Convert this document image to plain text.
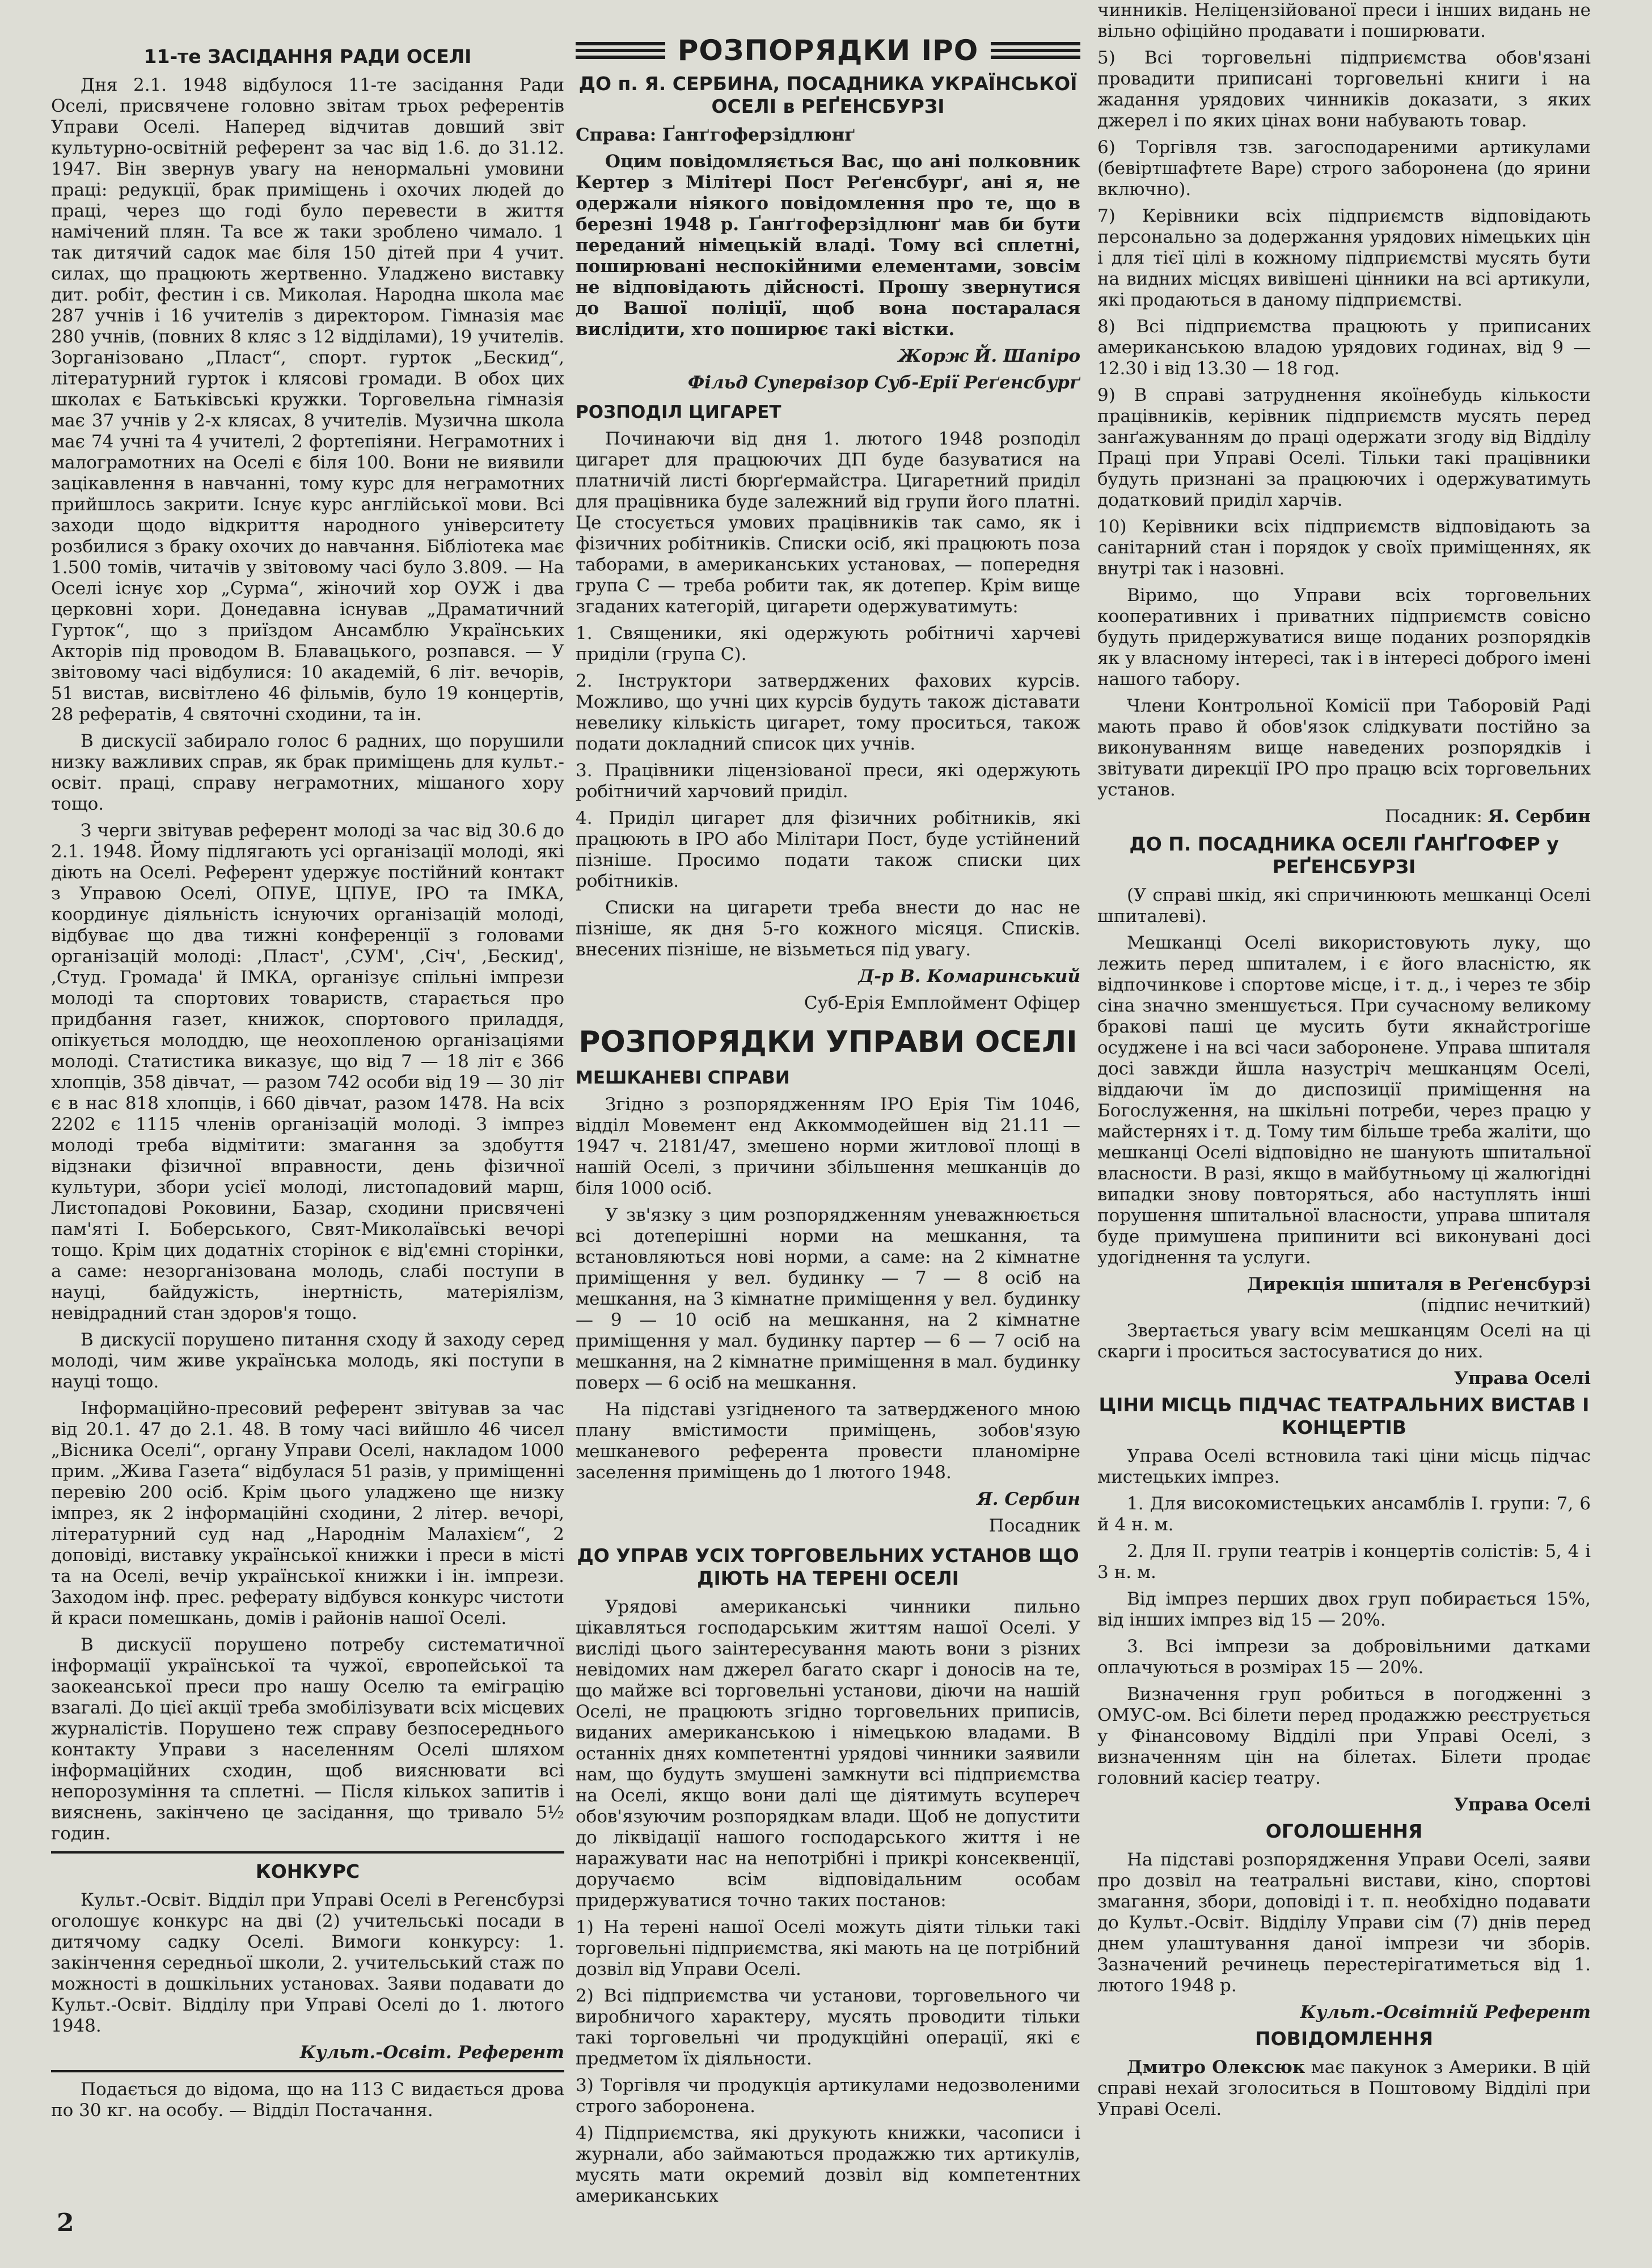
11-те ЗАСІДАННЯ РАДИ ОСЕЛІ

Дня 2.1. 1948 відбулося 11-те засідання Ради Оселі, присвячене головно звітам трьох референтів Управи Оселі. Наперед відчитав довший звіт культурно-освітній референт за час від 1.6. до 31.12. 1947. Він звернув увагу на ненормальні умовини праці: редукції, брак приміщень і охочих людей до праці, через що годі було перевести в життя намічений плян. Та все ж таки зроблено чимало. 1 так дитячий садок має біля 150 дітей при 4 учит. силах, що працюють жертвенно. Уладжено виставку дит. робіт, фестин і св. Миколая. Народна школа має 287 учнів і 16 учителів з директором. Гімназія має 280 учнів, (повних 8 кляс з 12 відділами), 19 учителів. Зорганізовано „Пласт“, спорт. гурток „Бескид“, літературний гурток і клясові громади. В обох цих школах є Батьківські кружки. Торговельна гімназія має 37 учнів у 2-х клясах, 8 учителів. Музична школа має 74 учні та 4 учителі, 2 фортепіяни. Неграмотних і малограмотних на Оселі є біля 100. Вони не виявили зацікавлення в навчанні, тому курс для неграмотних прийшлось закрити. Існує курс англійської мови. Всі заходи щодо відкриття народного університету розбилися з браку охочих до навчання. Бібліотека має 1.500 томів, читачів у звітовому часі було 3.809. — На Оселі існує хор „Сурма“, жіночий хор ОУЖ і два церковні хори. Донедавна існував „Драматичний Гурток“, що з приїздом Ансамблю Українських Акторів під проводом В. Блавацького, розпався. — У звітовому часі відбулися: 10 академій, 6 літ. вечорів, 51 вистав, висвітлено 46 фільмів, було 19 концертів, 28 рефератів, 4 святочні сходини, та ін.

В дискусії забирало голос 6 радних, що порушили низку важливих справ, як брак приміщень для культ.-освіт. праці, справу неграмотних, мішаного хору тощо.

З черги звітував референт молоді за час від 30.6 до 2.1. 1948. Йому підлягають усі організації молоді, які діють на Оселі. Референт удержує постійний контакт з Управою Оселі, ОПУЕ, ЦПУЕ, ІРО та ІМКА, координує діяльність існуючих організацій молоді, відбуває що два тижні конференції з головами організацій молоді: ,Пласт', ,СУМ', ,Січ', ,Бескид', ,Студ. Громада' й ІМКА, організує спільні імпрези молоді та спортових товариств, старається про придбання газет, книжок, спортового приладдя, опікується молоддю, ще неохопленою організаціями молоді. Статистика виказує, що від 7 — 18 літ є 366 хлопців, 358 дівчат, — разом 742 особи від 19 — 30 літ є в нас 818 хлопців, і 660 дівчат, разом 1478. На всіх 2202 є 1115 членів організацій молоді. З імпрез молоді треба відмітити: змагання за здобуття відзнаки фізичної вправности, день фізичної культури, збори усієї молоді, листопадовий марш, Листопадові Роковини, Базар, сходини присвячені пам'яті І. Боберського, Свят-Миколаївські вечорі тощо. Крім цих додатніх сторінок є від'ємні сторінки, а саме: незорганізована молодь, слабі поступи в науці, байдужість, інертність, матеріялізм, невідрадний стан здоров'я тощо.

В дискусії порушено питання сходу й заходу серед молоді, чим живе українська молодь, які поступи в науці тощо.

Інформаційно-пресовий референт звітував за час від 20.1. 47 до 2.1. 48. В тому часі вийшло 46 чисел „Вісника Оселі“, органу Управи Оселі, накладом 1000 прим. „Жива Газета“ відбулася 51 разів, у приміщенні перевію 200 осіб. Крім цього уладжено ще низку імпрез, як 2 інформаційні сходини, 2 літер. вечорі, літературний суд над „Народнім Малахієм“, 2 доповіді, виставку української книжки і преси в місті та на Оселі, вечір української книжки і ін. імпрези. Заходом інф. прес. реферату відбувся конкурс чистоти й краси помешкань, домів і районів нашої Оселі.

В дискусії порушено потребу систематичної інформації української та чужої, європейської та заокеанської преси про нашу Оселю та еміграцію взагалі. До цієї акції треба змобілізувати всіх місцевих журналістів. Порушено теж справу безпосереднього контакту Управи з населенням Оселі шляхом інформаційних сходин, щоб вияснювати всі непорозуміння та сплетні. — Після кількох запитів і вияснень, закінчено це засідання, що тривало 5½ годин.

КОНКУРС

Культ.-Освіт. Відділ при Управі Оселі в Регенсбурзі оголошує конкурс на дві (2) учительські посади в дитячому садку Оселі. Вимоги конкурсу: 1. закінчення середньої школи, 2. учительський стаж по можності в дошкільних установах. Заяви подавати до Культ.-Освіт. Відділу при Управі Оселі до 1. лютого 1948.

Культ.-Освіт. Референт

Подається до відома, що на 113 С видається дрова по 30 кг. на особу. — Відділ Постачання.

РОЗПОРЯДКИ ІРО
ДО п. Я. СЕРБИНА, ПОСАДНИКА УКРАЇНСЬКОЇ ОСЕЛІ в РЕҐЕНСБУРЗІ

Справа: Ґанґгоферзідлюнґ

Оцим повідомляється Вас, що ані полковник Кертер з Мілітері Пост Реґенсбурґ, ані я, не одержали ніякого повідомлення про те, що в березні 1948 р. Ґанґгоферзідлюнґ мав би бути переданий німецькій владі. Тому всі сплетні, поширювані неспокійними елементами, зовсім не відповідають дійсності. Прошу звернутися до Вашої поліції, щоб вона постаралася вислідити, хто поширює такі вістки.

Жорж Й. Шапіро
Фільд Супервізор Суб-Ерії Реґенсбурґ
РОЗПОДІЛ ЦИГАРЕТ

Починаючи від дня 1. лютого 1948 розподіл цигарет для працюючих ДП буде базуватися на платничій листі бюрґермайстра. Цигаретний приділ для працівника буде залежний від групи його платні. Це стосується умових працівників так само, як і фізичних робітників. Списки осіб, які працюють поза таборами, в американських установах, — попередня група С — треба робити так, як дотепер. Крім вище згаданих категорій, цигарети одержуватимуть:

1. Священики, які одержують робітничі харчеві приділи (група С).

2. Інструктори затверджених фахових курсів. Можливо, що учні цих курсів будуть також діставати невелику кількість цигарет, тому проситься, також подати докладний список цих учнів.

3. Працівники ліцензіованої преси, які одержують робітничий харчовий приділ.

4. Приділ цигарет для фізичних робітників, які працюють в ІРО або Мілітари Пост, буде устійнений пізніше. Просимо подати також списки цих робітників.

Списки на цигарети треба внести до нас не пізніше, як дня 5-го кожного місяця. Списків. внесених пізніше, не візьметься під увагу.

Д-р В. Комаринський
Суб-Ерія Емплоймент Офіцер
РОЗПОРЯДКИ УПРАВИ ОСЕЛІ
МЕШКАНЕВІ СПРАВИ

Згідно з розпорядженням ІРО Ерія Тім 1046, відділ Мовемент енд Аккоммодейшен від 21.11 — 1947 ч. 2181/47, змешено норми житлової площі в нашій Оселі, з причини збільшення мешканців до біля 1000 осіб.

У зв'язку з цим розпорядженням уневажнюється всі дотеперішні норми на мешкання, та встановляються нові норми, а саме: на 2 кімнатне приміщення у вел. будинку — 7 — 8 осіб на мешкання, на 3 кімнатне приміщення у вел. будинку — 9 — 10 осіб на мешкання, на 2 кімнатне приміщення у мал. будинку партер — 6 — 7 осіб на мешкання, на 2 кімнатне приміщення в мал. будинку поверх — 6 осіб на мешкання.

На підставі узгідненого та затвердженого мною плану вмістимости приміщень, зобов'язую мешканевого референта провести планомірне заселення приміщень до 1 лютого 1948.

Я. Сербин
Посадник
ДО УПРАВ УСІХ ТОРГОВЕЛЬНИХ УСТАНОВ ЩО ДІЮТЬ НА ТЕРЕНІ ОСЕЛІ

Урядові американські чинники пильно цікавляться господарським життям нашої Оселі. У висліді цього заінтересування мають вони з різних невідомих нам джерел багато скарг і доносів на те, що майже всі торговельні установи, діючи на нашій Оселі, не працюють згідно торговельних приписів, виданих американською і німецькою владами. В останніх днях компетентні урядові чинники заявили нам, що будуть змушені замкнути всі підприємства на Оселі, якщо вони далі ще діятимуть всупереч обов'язуючим розпорядкам влади. Щоб не допустити до ліквідації нашого господарського життя і не наражувати нас на непотрібні і прикрі консеквенції, доручаємо всім відповідальним особам придержуватися точно таких постанов:

1) На терені нашої Оселі можуть діяти тільки такі торговельні підприємства, які мають на це потрібний дозвіл від Управи Оселі.

2) Всі підприємства чи установи, торговельного чи виробничого характеру, мусять проводити тільки такі торговельні чи продукційні операції, які є предметом їх діяльности.

3) Торгівля чи продукція артикулами недозволеними строго заборонена.

4) Підприємства, які друкують книжки, часописи і журнали, або займаються продажжю тих артикулів, мусять мати окремий дозвіл від компетентних американських

чинників. Неліцензійованої преси і інших видань не вільно офіційно продавати і поширювати.

5) Всі торговельні підприємства обов'язані провадити приписані торговельні книги і на жадання урядових чинників доказати, з яких джерел і по яких цінах вони набувають товар.

6) Торгівля тзв. загосподареними артикулами (бевіртшафтете Варе) строго заборонена (до ярини включно).

7) Керівники всіх підприємств відповідають персонально за додержання урядових німецьких цін і для тієї цілі в кожному підприємстві мусять бути на видних місцях вивішені цінники на всі артикули, які продаються в даному підприємстві.

8) Всі підприємства працюють у приписаних американською владою урядових годинах, від 9 — 12.30 і від 13.30 — 18 год.

9) В справі затруднення якоїнебудь кількости працівників, керівник підприємств мусять перед занґажуванням до праці одержати згоду від Відділу Праці при Управі Оселі. Тільки такі працівники будуть признані за працюючих і одержуватимуть додатковий приділ харчів.

10) Керівники всіх підприємств відповідають за санітарний стан і порядок у своїх приміщеннях, як внутрі так і назовні.

Віримо, що Управи всіх торговельних кооперативних і приватних підприємств совісно будуть придержуватися вище поданих розпорядків як у власному інтересі, так і в інтересі доброго імені нашого табору.

Члени Контрольної Комісії при Таборовій Раді мають право й обов'язок слідкувати постійно за виконуванням вище наведених розпорядків і звітувати дирекції ІРО про працю всіх торговельних установ.

Посадник: Я. Сербин
ДО П. ПОСАДНИКА ОСЕЛІ ҐАНҐГОФЕР у РЕҐЕНСБУРЗІ

(У справі шкід, які спричинюють мешканці Оселі шпиталеві).

Мешканці Оселі використовують луку, що лежить перед шпиталем, і є його власністю, як відпочинкове і спортове місце, і т. д., і через те збір сіна значно зменшується. При сучасному великому бракові паші це мусить бути якнайстрогіше осуджене і на всі часи заборонене. Управа шпиталя досі завжди йшла назустріч мешканцям Оселі, віддаючи їм до диспозиції приміщення на Богослуження, на шкільні потреби, через працю у майстернях і т. д. Тому тим більше треба жаліти, що мешканці Оселі відповідно не шанують шпитальної власности. В разі, якщо в майбутньому ці жалюгідні випадки знову повторяться, або наступлять інші порушення шпитальної власности, управа шпиталя буде примушена припинити всі виконувані досі удогіднення та услуги.

Дирекція шпиталя в Реґенсбурзі
(підпис нечиткий)

Звертається увагу всім мешканцям Оселі на ці скарги і проситься застосуватися до них.

Управа Оселі
ЦІНИ МІСЦЬ ПІДЧАС ТЕАТРАЛЬНИХ ВИСТАВ І КОНЦЕРТІВ

Управа Оселі встновила такі ціни місць підчас мистецьких імпрез.

1. Для високомистецьких ансамблів І. групи: 7, 6 й 4 н. м.

2. Для ІІ. групи театрів і концертів солістів: 5, 4 і 3 н. м.

Від імпрез перших двох груп побирається 15%, від інших імпрез від 15 — 20%.

3. Всі імпрези за добровільними датками оплачуються в розмірах 15 — 20%.

Визначення груп робиться в погодженні з ОМУС-ом. Всі білети перед продажжю реєструється у Фінансовому Відділі при Управі Оселі, з визначенням цін на білетах. Білети продає головний касієр театру.

Управа Оселі
ОГОЛОШЕННЯ

На підставі розпорядження Управи Оселі, заяви про дозвіл на театральні вистави, кіно, спортові змагання, збори, доповіді і т. п. необхідно подавати до Культ.-Освіт. Відділу Управи сім (7) днів перед днем улаштування даної імпрези чи зборів. Зазначений речинець перестерігатиметься від 1. лютого 1948 р.

Культ.-Освітній Референт
ПОВІДОМЛЕННЯ

Дмитро Олексюк має пакунок з Америки. В цій справі нехай зголоситься в Поштовому Відділі при Управі Оселі.

2
